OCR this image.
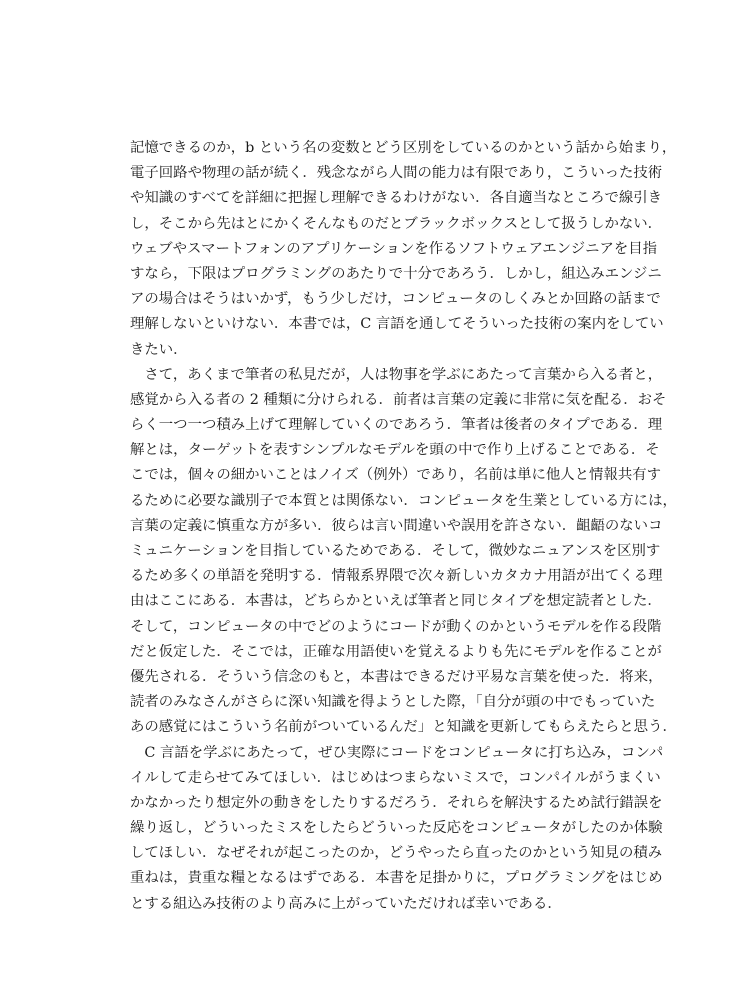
記憶できるのか，b という名の変数とどう区別をしているのかという話から始まり，
電子回路や物理の話が続く．残念ながら人間の能力は有限であり，こういった技術
や知識のすべてを詳細に把握し理解できるわけがない．各自適当なところで線引き
し，そこから先はとにかくそんなものだとブラックボックスとして扱うしかない．
ウェブやスマートフォンのアプリケーションを作るソフトウェアエンジニアを目指
すなら，下限はプログラミングのあたりで十分であろう．しかし，組込みエンジニ
アの場合はそうはいかず，もう少しだけ，コンピュータのしくみとか回路の話まで
理解しないといけない．本書では，C 言語を通してそういった技術の案内をしてい
きたい．
　さて，あくまで筆者の私見だが，人は物事を学ぶにあたって言葉から入る者と，
感覚から入る者の 2 種類に分けられる．前者は言葉の定義に非常に気を配る．おそ
らく一つ一つ積み上げて理解していくのであろう．筆者は後者のタイプである．理
解とは，ターゲットを表すシンプルなモデルを頭の中で作り上げることである．そ
こでは，個々の細かいことはノイズ（例外）であり，名前は単に他人と情報共有す
るために必要な識別子で本質とは関係ない．コンピュータを生業としている方には，
言葉の定義に慎重な方が多い．彼らは言い間違いや誤用を許さない．齟齬のないコ
ミュニケーションを目指しているためである．そして，微妙なニュアンスを区別す
るため多くの単語を発明する．情報系界隈で次々新しいカタカナ用語が出てくる理
由はここにある．本書は，どちらかといえば筆者と同じタイプを想定読者とした．
そして，コンピュータの中でどのようにコードが動くのかというモデルを作る段階
だと仮定した．そこでは，正確な用語使いを覚えるよりも先にモデルを作ることが
優先される．そういう信念のもと，本書はできるだけ平易な言葉を使った．将来，
読者のみなさんがさらに深い知識を得ようとした際，「自分が頭の中でもっていた
あの感覚にはこういう名前がついているんだ」と知識を更新してもらえたらと思う．
　C 言語を学ぶにあたって，ぜひ実際にコードをコンピュータに打ち込み，コンパ
イルして走らせてみてほしい．はじめはつまらないミスで，コンパイルがうまくい
かなかったり想定外の動きをしたりするだろう．それらを解決するため試行錯誤を
繰り返し，どういったミスをしたらどういった反応をコンピュータがしたのか体験
してほしい．なぜそれが起こったのか，どうやったら直ったのかという知見の積み
重ねは，貴重な糧となるはずである．本書を足掛かりに，プログラミングをはじめ
とする組込み技術のより高みに上がっていただければ幸いである．
